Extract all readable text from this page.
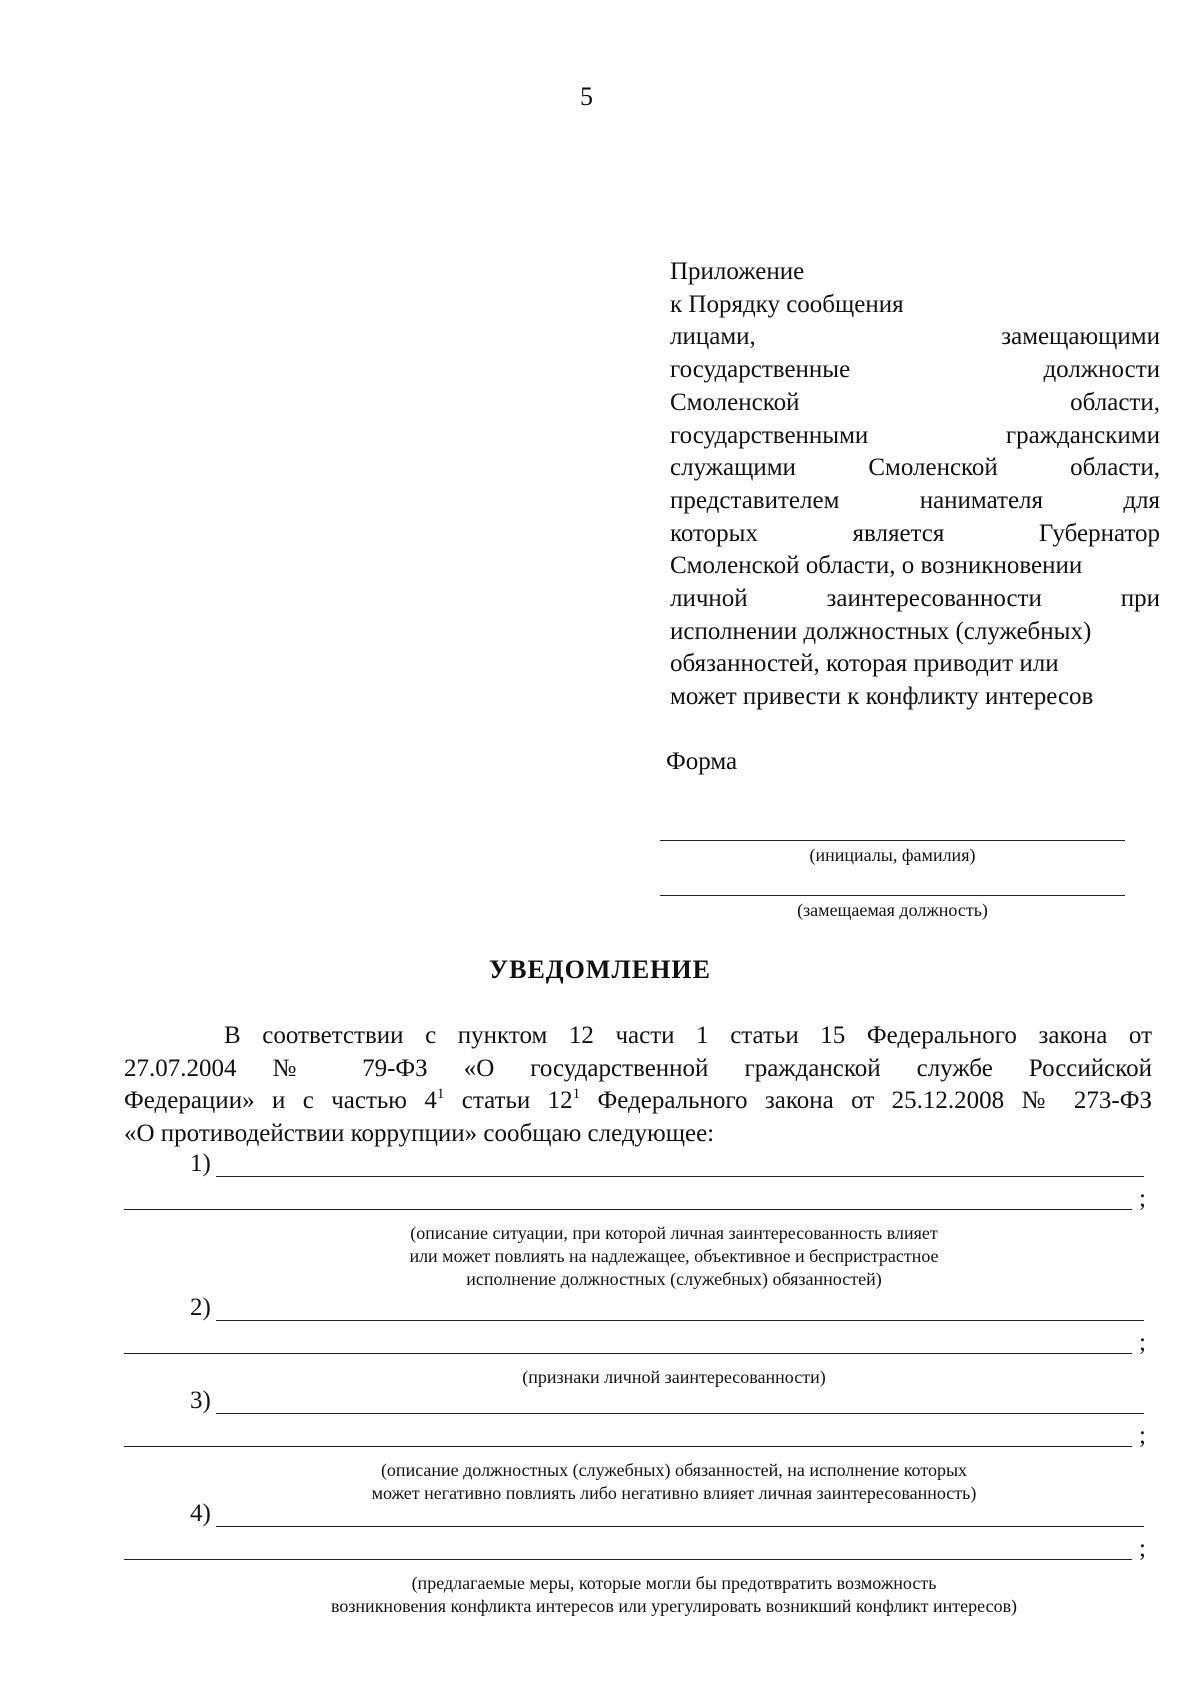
5
Приложение
к Порядку сообщения
лицами,	замещающими
государственные	должности
Смоленской	области,
государственными	гражданскими
служащими	Смоленской	области,
представителем	нанимателя	для
которых	является	Губернатор
Смоленской области, о возникновении
личной	заинтересованности	при
исполнении должностных (служебных)
обязанностей, которая приводит или
может привести к конфликту интересов
Форма
(инициалы, фамилия)
(замещаемая должность)
УВЕДОМЛЕНИЕ
В соответствии с пунктом 12 части 1 статьи 15 Федерального закона от
27.07.2004 № 79-ФЗ «О государственной гражданской службе Российской
Федерации» и с частью $4^1$ статьи $12^1$ Федерального закона от 25.12.2008 № 273-ФЗ
«О противодействии коррупции» сообщаю следующее:
1)
;
(описание ситуации, при которой личная заинтересованность влияет
или может повлиять на надлежащее, объективное и беспристрастное
исполнение должностных (служебных) обязанностей)
2)
;
(признаки личной заинтересованности)
3)
;
(описание должностных (служебных) обязанностей, на исполнение которых
может негативно повлиять либо негативно влияет личная заинтересованность)
4)
;
(предлагаемые меры, которые могли бы предотвратить возможность
возникновения конфликта интересов или урегулировать возникший конфликт интересов)
